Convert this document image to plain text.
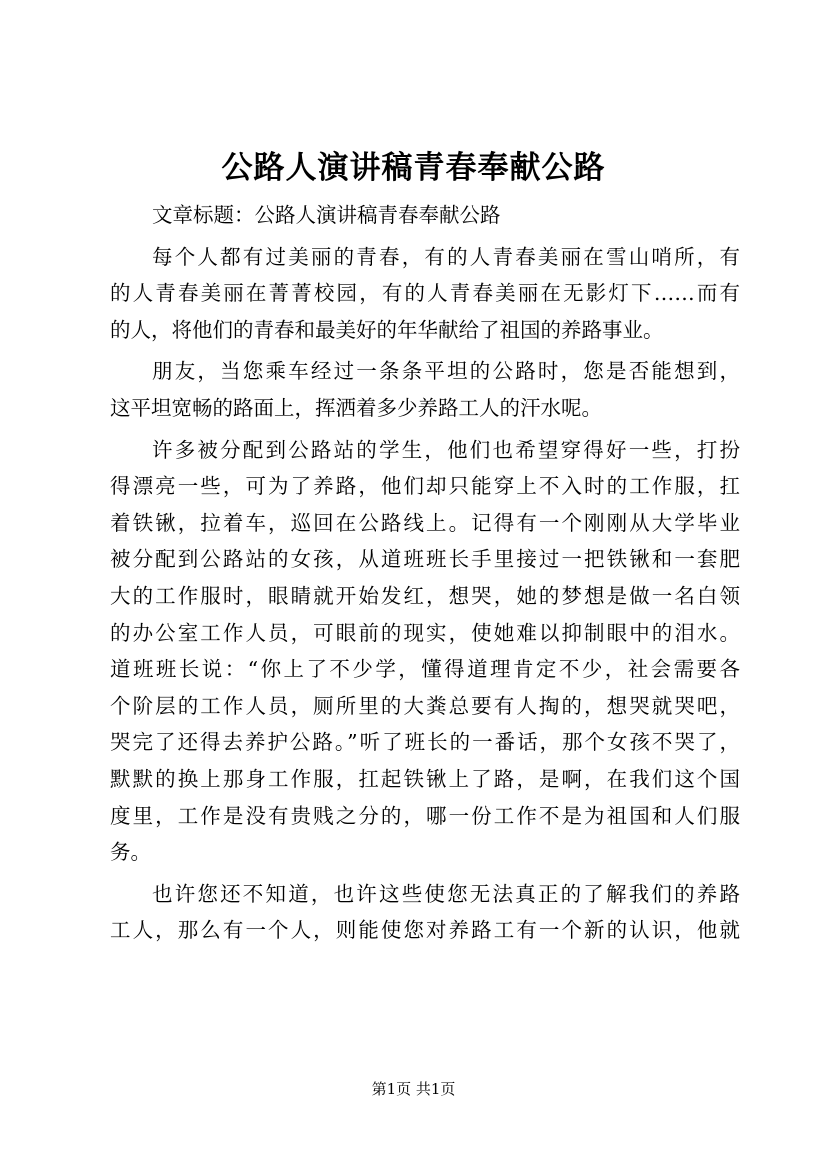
公路人演讲稿青春奉献公路
文章标题：公路人演讲稿青春奉献公路
每个人都有过美丽的青春，有的人青春美丽在雪山哨所，有
的人青春美丽在菁菁校园，有的人青春美丽在无影灯下……而有
的人，将他们的青春和最美好的年华献给了祖国的养路事业。
朋友，当您乘车经过一条条平坦的公路时，您是否能想到，
这平坦宽畅的路面上，挥洒着多少养路工人的汗水呢。
许多被分配到公路站的学生，他们也希望穿得好一些，打扮
得漂亮一些，可为了养路，他们却只能穿上不入时的工作服，扛
着铁锹，拉着车，巡回在公路线上。记得有一个刚刚从大学毕业
被分配到公路站的女孩，从道班班长手里接过一把铁锹和一套肥
大的工作服时，眼睛就开始发红，想哭，她的梦想是做一名白领
的办公室工作人员，可眼前的现实，使她难以抑制眼中的泪水。
道班班长说：“你上了不少学，懂得道理肯定不少，社会需要各
个阶层的工作人员，厕所里的大粪总要有人掏的，想哭就哭吧，
哭完了还得去养护公路。”听了班长的一番话，那个女孩不哭了，
默默的换上那身工作服，扛起铁锹上了路，是啊，在我们这个国
度里，工作是没有贵贱之分的，哪一份工作不是为祖国和人们服
务。
也许您还不知道，也许这些使您无法真正的了解我们的养路
工人，那么有一个人，则能使您对养路工有一个新的认识，他就
第1页 共1页
